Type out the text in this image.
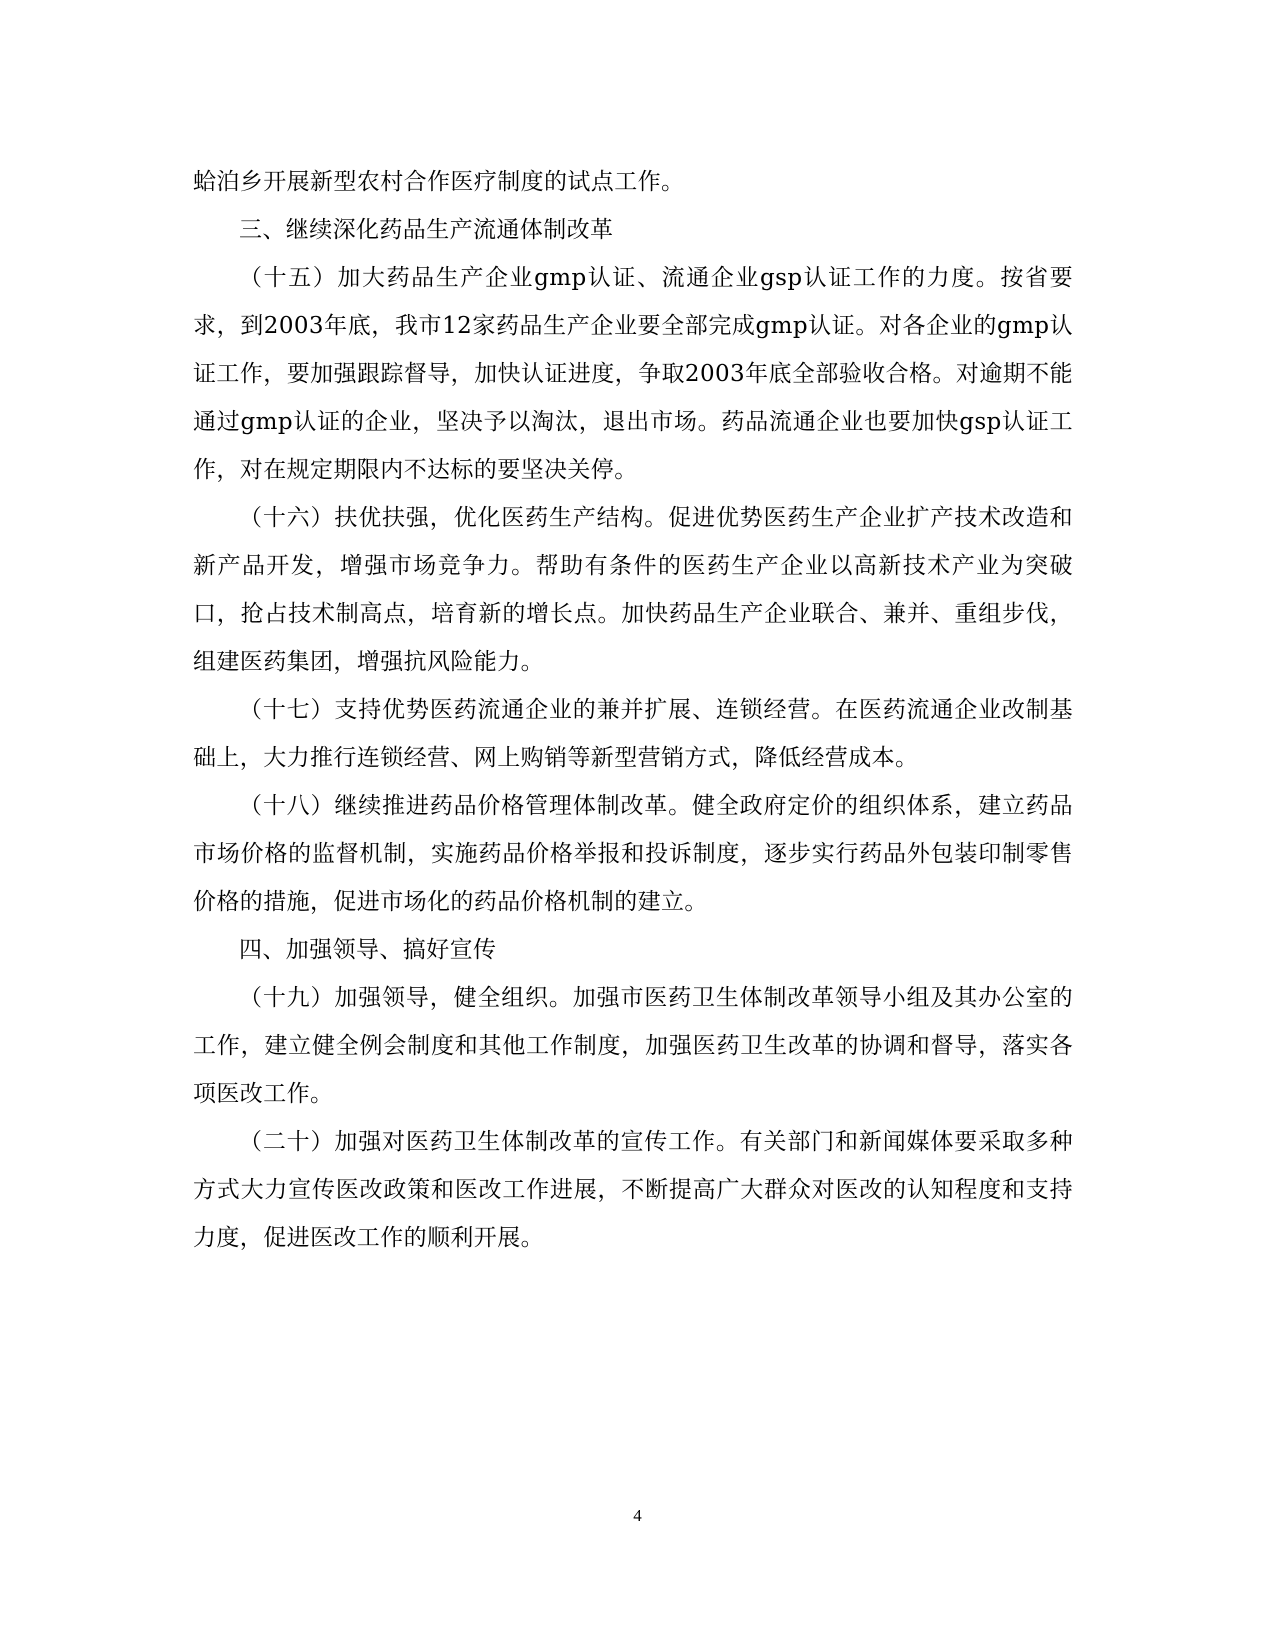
蛤泊乡开展新型农村合作医疗制度的试点工作。

三、继续深化药品生产流通体制改革

（十五）加大药品生产企业gmp认证、流通企业gsp认证工作的力度。按省要求，到2003年底，我市12家药品生产企业要全部完成gmp认证。对各企业的gmp认证工作，要加强跟踪督导，加快认证进度，争取2003年底全部验收合格。对逾期不能通过gmp认证的企业，坚决予以淘汰，退出市场。药品流通企业也要加快gsp认证工作，对在规定期限内不达标的要坚决关停。

（十六）扶优扶强，优化医药生产结构。促进优势医药生产企业扩产技术改造和新产品开发，增强市场竞争力。帮助有条件的医药生产企业以高新技术产业为突破口，抢占技术制高点，培育新的增长点。加快药品生产企业联合、兼并、重组步伐，组建医药集团，增强抗风险能力。

（十七）支持优势医药流通企业的兼并扩展、连锁经营。在医药流通企业改制基础上，大力推行连锁经营、网上购销等新型营销方式，降低经营成本。

（十八）继续推进药品价格管理体制改革。健全政府定价的组织体系，建立药品市场价格的监督机制，实施药品价格举报和投诉制度，逐步实行药品外包装印制零售价格的措施，促进市场化的药品价格机制的建立。

四、加强领导、搞好宣传

（十九）加强领导，健全组织。加强市医药卫生体制改革领导小组及其办公室的工作，建立健全例会制度和其他工作制度，加强医药卫生改革的协调和督导，落实各项医改工作。

（二十）加强对医药卫生体制改革的宣传工作。有关部门和新闻媒体要采取多种方式大力宣传医改政策和医改工作进展，不断提高广大群众对医改的认知程度和支持力度，促进医改工作的顺利开展。

4
